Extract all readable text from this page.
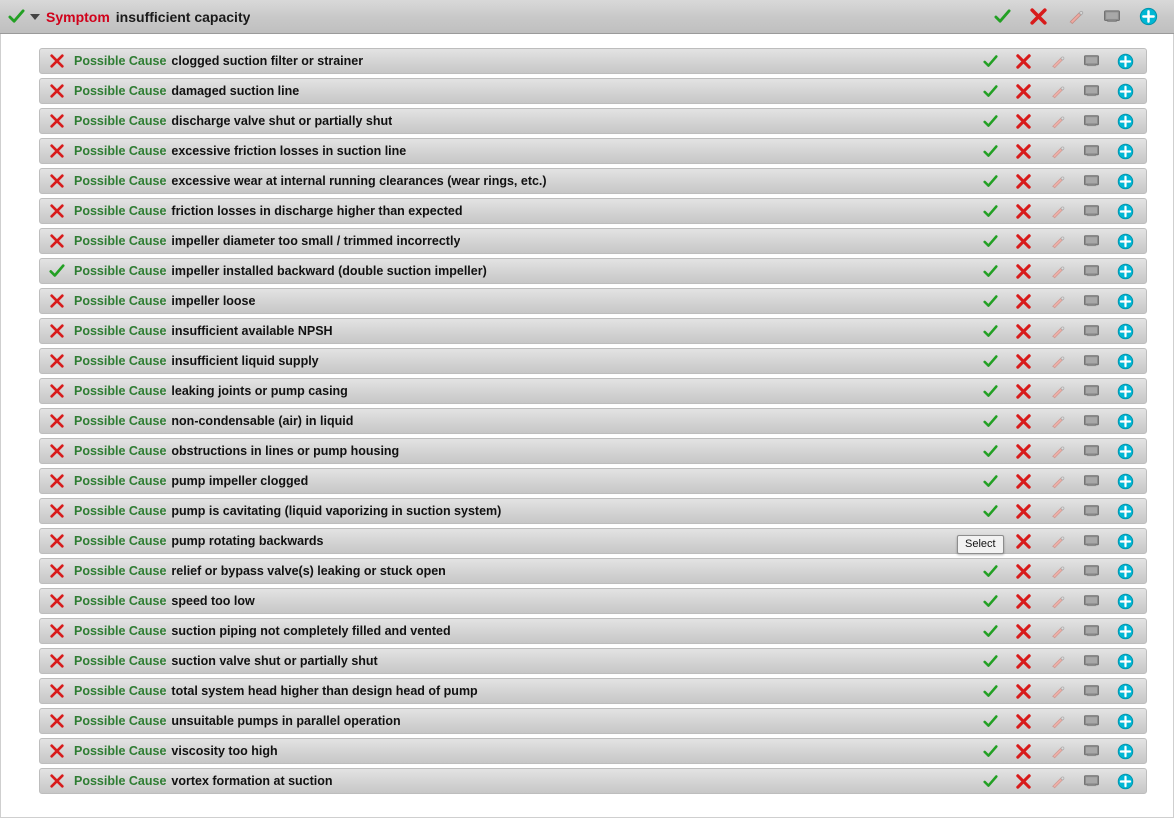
Symptom insufficient capacity
Possible Cause clogged suction filter or strainer
Possible Cause damaged suction line
Possible Cause discharge valve shut or partially shut
Possible Cause excessive friction losses in suction line
Possible Cause excessive wear at internal running clearances (wear rings, etc.)
Possible Cause friction losses in discharge higher than expected
Possible Cause impeller diameter too small / trimmed incorrectly
Possible Cause impeller installed backward (double suction impeller)
Possible Cause impeller loose
Possible Cause insufficient available NPSH
Possible Cause insufficient liquid supply
Possible Cause leaking joints or pump casing
Possible Cause non-condensable (air) in liquid
Possible Cause obstructions in lines or pump housing
Possible Cause pump impeller clogged
Possible Cause pump is cavitating (liquid vaporizing in suction system)
Possible Cause pump rotating backwards
Possible Cause relief or bypass valve(s) leaking or stuck open
Possible Cause speed too low
Possible Cause suction piping not completely filled and vented
Possible Cause suction valve shut or partially shut
Possible Cause total system head higher than design head of pump
Possible Cause unsuitable pumps in parallel operation
Possible Cause viscosity too high
Possible Cause vortex formation at suction
Select
